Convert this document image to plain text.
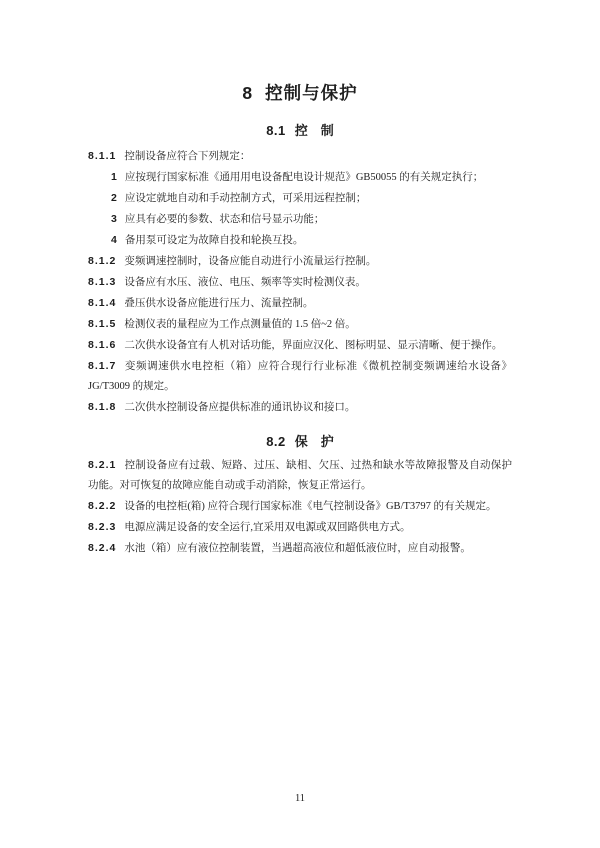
8 控制与保护
8.1 控　制

8.1.1 控制设备应符合下列规定：

1 应按现行国家标准《通用用电设备配电设计规范》GB50055 的有关规定执行；

2 应设定就地自动和手动控制方式，可采用远程控制；

3 应具有必要的参数、状态和信号显示功能；

4 备用泵可设定为故障自投和轮换互投。

8.1.2 变频调速控制时，设备应能自动进行小流量运行控制。

8.1.3 设备应有水压、液位、电压、频率等实时检测仪表。

8.1.4 叠压供水设备应能进行压力、流量控制。

8.1.5 检测仪表的量程应为工作点测量值的 1.5 倍~2 倍。

8.1.6 二次供水设备宜有人机对话功能，界面应汉化、图标明显、显示清晰、便于操作。

8.1.7 变频调速供水电控柜（箱）应符合现行行业标准《微机控制变频调速给水设备》JG/T3009 的规定。

8.1.8 二次供水控制设备应提供标准的通讯协议和接口。

8.2 保　护

8.2.1 控制设备应有过载、短路、过压、缺相、欠压、过热和缺水等故障报警及自动保护功能。对可恢复的故障应能自动或手动消除，恢复正常运行。

8.2.2 设备的电控柜(箱) 应符合现行国家标准《电气控制设备》GB/T3797 的有关规定。

8.2.3 电源应满足设备的安全运行,宜采用双电源或双回路供电方式。

8.2.4 水池（箱）应有液位控制装置，当遇超高液位和超低液位时，应自动报警。

11
